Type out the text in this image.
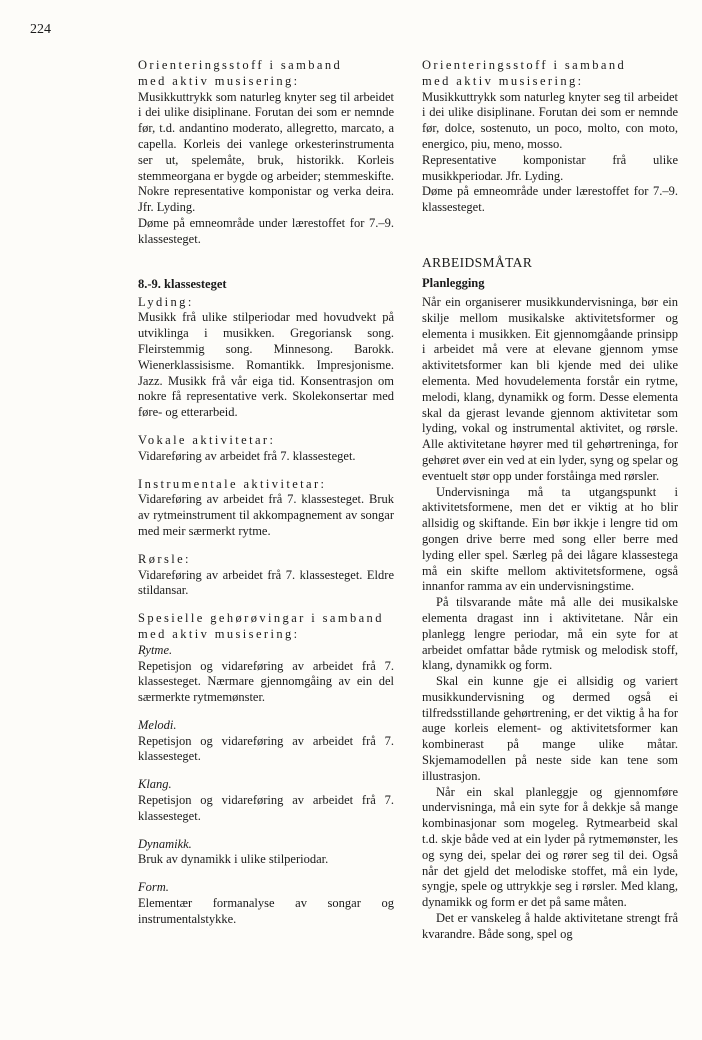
224

Orienteringsstoff i samband

med aktiv musisering:

Musikkuttrykk som naturleg knyter seg til arbeidet i dei ulike disiplinane. Forutan dei som er nemnde før, t.d. andantino moderato, allegretto, marcato, a capella. Korleis dei vanlege orkesterinstrumenta ser ut, spelemåte, bruk, historikk. Korleis stemmeorgana er bygde og arbeider; stemmeskifte. Nokre representative komponistar og verka deira. Jfr. Lyding.

Døme på emneområde under lærestoffet for 7.–9. klassesteget.

8.-9. klassesteget

Lyding:

Musikk frå ulike stilperiodar med hovudvekt på utviklinga i musikken. Gregoriansk song. Fleirstemmig song. Minnesong. Barokk. Wienerklassisisme. Romantikk. Impresjonisme. Jazz. Musikk frå vår eiga tid. Konsentrasjon om nokre få representative verk. Skolekonsertar med føre- og etterarbeid.

Vokale aktivitetar:

Vidareføring av arbeidet frå 7. klassesteget.

Instrumentale aktivitetar:

Vidareføring av arbeidet frå 7. klassesteget. Bruk av rytmeinstrument til akkompagnement av songar med meir særmerkt rytme.

Rørsle:

Vidareføring av arbeidet frå 7. klassesteget. Eldre stildansar.

Spesielle gehørøvingar i samband

med aktiv musisering:

Rytme.

Repetisjon og vidareføring av arbeidet frå 7. klassesteget. Nærmare gjennomgåing av ein del særmerkte rytmemønster.

Melodi.

Repetisjon og vidareføring av arbeidet frå 7. klassesteget.

Klang.

Repetisjon og vidareføring av arbeidet frå 7. klassesteget.

Dynamikk.

Bruk av dynamikk i ulike stilperiodar.

Form.

Elementær formanalyse av songar og instrumentalstykke.

Orienteringsstoff i samband

med aktiv musisering:

Musikkuttrykk som naturleg knyter seg til arbeidet i dei ulike disiplinane. Forutan dei som er nemnde før, dolce, sostenuto, un poco, molto, con moto, energico, piu, meno, mosso.

Representative komponistar frå ulike musikkperiodar. Jfr. Lyding.

Døme på emneområde under lærestoffet for 7.–9. klassesteget.

ARBEIDSMÅTAR

Planlegging

Når ein organiserer musikkundervisninga, bør ein skilje mellom musikalske aktivitetsformer og elementa i musikken. Eit gjennomgåande prinsipp i arbeidet må vere at elevane gjennom ymse aktivitetsformer kan bli kjende med dei ulike elementa. Med hovudelementa forstår ein rytme, melodi, klang, dynamikk og form. Desse elementa skal da gjerast levande gjennom aktivitetar som lyding, vokal og instrumental aktivitet, og rørsle. Alle aktivitetane høyrer med til gehørtreninga, for gehøret øver ein ved at ein lyder, syng og spelar og eventuelt stør opp under forståinga med rørsler.

Undervisninga må ta utgangspunkt i aktivitetsformene, men det er viktig at ho blir allsidig og skiftande. Ein bør ikkje i lengre tid om gongen drive berre med song eller berre med lyding eller spel. Særleg på dei lågare klassestega må ein skifte mellom aktivitetsformene, også innanfor ramma av ein undervisningstime.

På tilsvarande måte må alle dei musikalske elementa dragast inn i aktivitetane. Når ein planlegg lengre periodar, må ein syte for at arbeidet omfattar både rytmisk og melodisk stoff, klang, dynamikk og form.

Skal ein kunne gje ei allsidig og variert musikkundervisning og dermed også ei tilfredsstillande gehørtrening, er det viktig å ha for auge korleis element- og aktivitetsformer kan kombinerast på mange ulike måtar. Skjemamodellen på neste side kan tene som illustrasjon.

Når ein skal planleggje og gjennomføre undervisninga, må ein syte for å dekkje så mange kombinasjonar som mogeleg. Rytmearbeid skal t.d. skje både ved at ein lyder på rytmemønster, les og syng dei, spelar dei og rører seg til dei. Også når det gjeld det melodiske stoffet, må ein lyde, syngje, spele og uttrykkje seg i rørsler. Med klang, dynamikk og form er det på same måten.

Det er vanskeleg å halde aktivitetane strengt frå kvarandre. Både song, spel og
